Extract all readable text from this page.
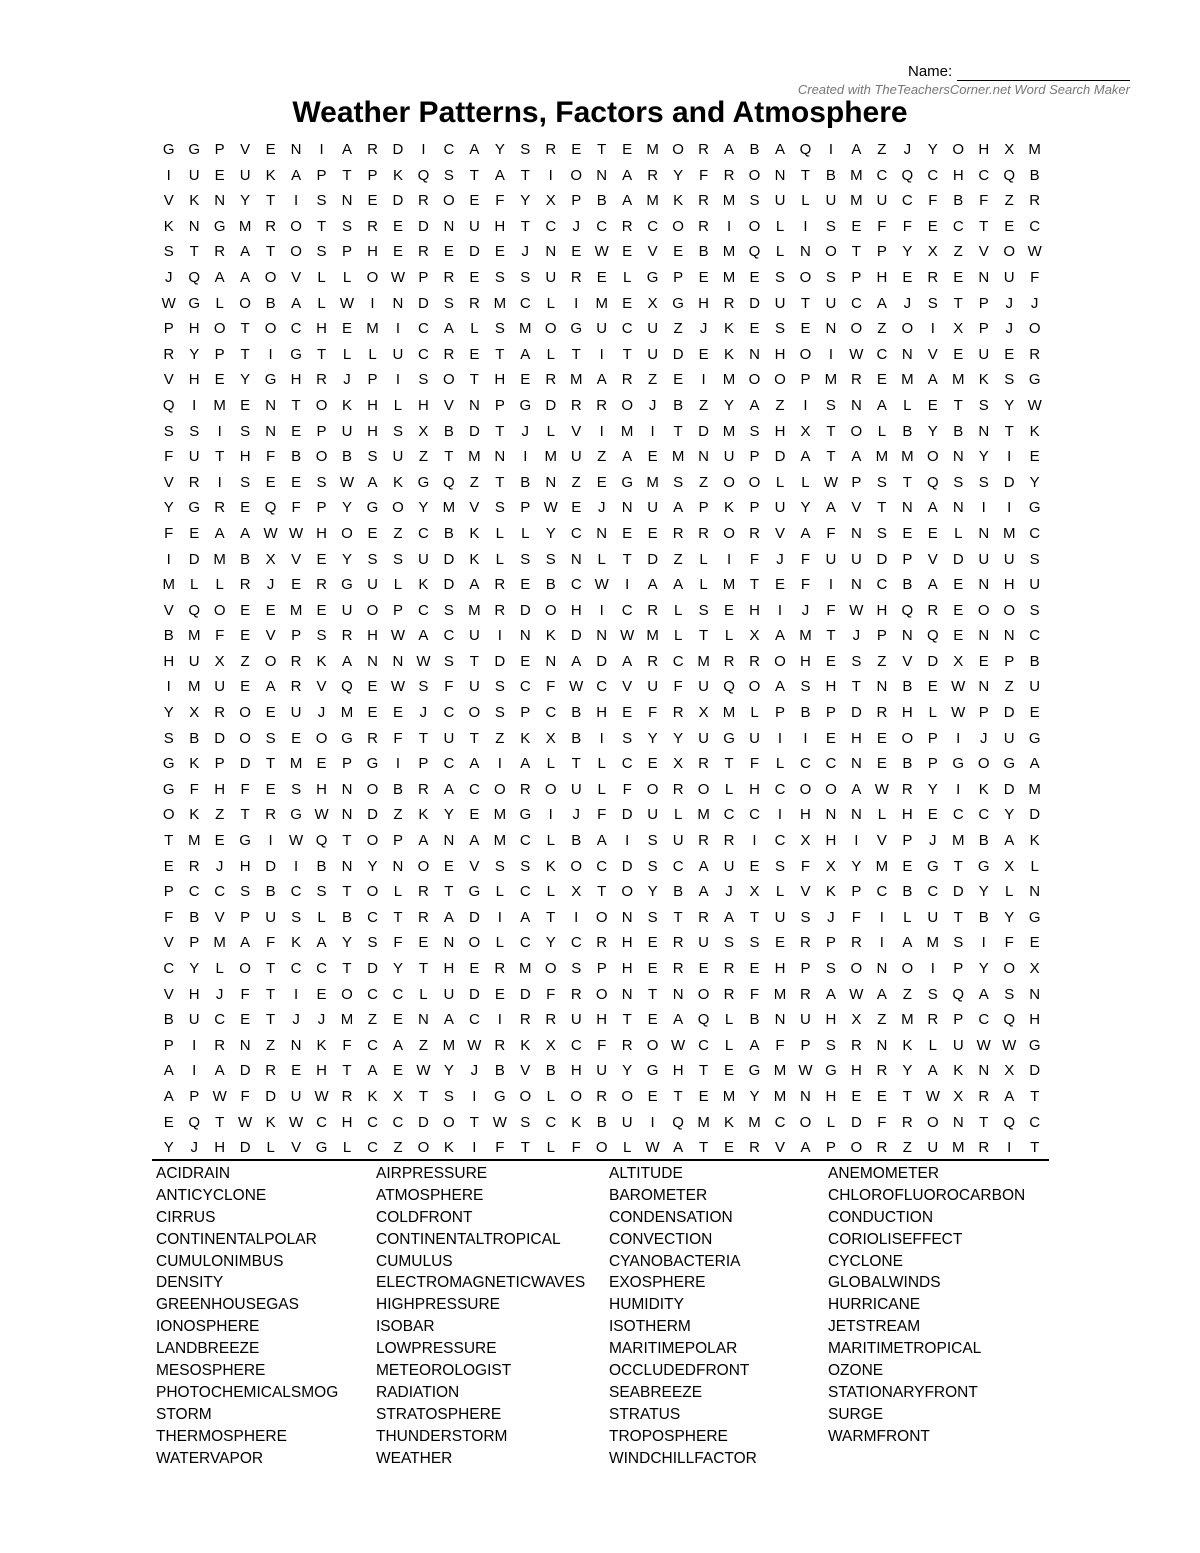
Name:
Created with TheTeachersCorner.net Word Search Maker
Weather Patterns, Factors and Atmosphere
G G P	V	E	N	I	A	R D	I	C	A	Y	S	R	E	T	E M O R	A	B	A Q	I	A	Z	J	Y O H	X M
I	U	E	U	K	A	P	T	P	K Q S	T	A	T	I	O N	A	R	Y	F	R O N	T	B M C Q C H C Q B
V	K	N	Y	T	I	S	N	E	D R O E	F	Y	X	P	B	A M K	R M S	U	L	U M U C	F	B	F	Z	R
K	N G M R O	T	S	R	E	D N U H	T	C	J	C R C O R	I	O	L	I	S	E	F	F	E	C	T	E	C
S	T	R	A	T	O S	P	H	E	R	E	D	E	J	N	E W E	V	E	B M Q	L	N O	T	P	Y	X	Z	V O W
J	Q A	A O V	L	L	O W P	R	E	S	S	U R	E	L	G P	E M E	S O S	P	H	E	R	E	N U	F
W G	L	O B	A	L W	I	N D	S	R M C	L	I	M E	X G H R D U	T	U C	A	J	S	T	P	J	J
P	H O	T	O C H	E M	I	C	A	L	S M O G U C U	Z	J	K	E	S	E	N O	Z	O	I	X	P	J	O
R	Y	P	T	I	G	T	L	L	U C R	E	T	A	L	T	I	T	U D	E	K	N H O	I	W C N	V	E	U	E	R
V	H	E	Y G H R	J	P	I	S O	T	H	E	R M A	R	Z	E	I	M O O P M R	E M A M K	S G
Q	I	M E	N	T	O K	H	L	H	V	N	P G D R R O	J	B	Z	Y	A	Z	I	S	N	A	L	E	T	S	Y W
S	S	I	S	N	E	P	U H	S	X	B	D	T	J	L	V	I	M	I	T	D M S	H	X	T	O	L	B	Y	B	N	T	K
F	U	T	H	F	B O B	S	U	Z	T M N	I	M U	Z	A	E M N U	P	D	A	T	A M M O N	Y	I	E
V	R	I	S	E	E	S W A	K G Q	Z	T	B	N	Z	E G M S	Z	O O	L	L W P	S	T	Q S	S	D	Y
Y G R	E Q	F	P	Y G O Y M V	S	P W E	J	N U	A	P	K	P	U	Y	A	V	T	N	A	N	I	I	G
F	E	A	A W W H O E	Z	C	B	K	L	L	Y	C N	E	E	R R O R	V	A	F	N	S	E	E	L	N M C
I	D M B	X	V	E	Y	S	S	U D	K	L	S	S	N	L	T	D	Z	L	I	F	J	F	U U D	P	V	D U U	S
M	L	L	R	J	E	R G U	L	K	D	A	R	E	B	C W	I	A	A	L	M T	E	F	I	N C	B	A	E	N H U
V Q O E	E M E	U O P	C	S M R D O H	I	C R	L	S	E	H	I	J	F W H Q R	E O O S
B M F	E	V	P	S	R H W A	C U	I	N	K	D N W M	L	T	L	X	A M T	J	P	N Q E	N N C
H U	X	Z	O R	K	A	N N W S	T	D	E	N	A	D	A	R C M R R O H	E	S	Z	V	D	X	E	P	B
I	M U	E	A	R	V Q E W S	F	U	S	C	F W C	V	U	F	U Q O A	S	H	T	N	B	E W N	Z	U
Y	X	R O E	U	J	M E	E	J	C O S	P	C	B	H	E	F	R	X M	L	P	B	P	D R H	L W P	D	E
S	B	D O S	E O G R	F	T	U	T	Z	K	X	B	I	S	Y	Y	U G U	I	I	E	H	E O P	I	J	U G
G K	P	D	T M E	P G	I	P	C	A	I	A	L	T	L	C	E	X	R	T	F	L	C C N	E	B	P G O G A
G	F	H	F	E	S	H N O B	R	A	C O R O U	L	F	O R O	L	H C O O A W R	Y	I	K	D M
O K	Z	T	R G W N D	Z	K	Y	E M G	I	J	F	D U	L	M C C	I	H N N	L	H	E	C C	Y	D
T M E G	I	W Q	T	O P	A	N	A M C	L	B	A	I	S	U R R	I	C	X	H	I	V	P	J	M B	A	K
E	R	J	H D	I	B	N	Y	N O E	V	S	S	K O C D	S	C	A	U	E	S	F	X	Y M E G	T	G X	L
P	C C	S	B	C	S	T	O	L	R	T	G	L	C	L	X	T	O Y	B	A	J	X	L	V	K	P	C	B	C D	Y	L	N
F	B	V	P	U	S	L	B	C	T	R	A	D	I	A	T	I	O N	S	T	R	A	T	U	S	J	F	I	L	U	T	B	Y G
V	P M A	F	K	A	Y	S	F	E	N O	L	C	Y	C R H	E	R U	S	S	E	R	P	R	I	A M S	I	F	E
C	Y	L	O	T	C C	T	D	Y	T	H	E	R M O S	P	H	E	R	E	R	E	H	P	S O N O	I	P	Y O X
V	H	J	F	T	I	E O C C	L	U D	E	D	F	R O N	T	N O R	F M R	A W A	Z	S Q A	S	N
B	U C	E	T	J	J	M Z	E	N	A	C	I	R R U H	T	E	A Q	L	B	N U H	X	Z M R	P	C Q H
P	I	R N	Z	N	K	F	C	A	Z M W R	K	X	C	F	R O W C	L	A	F	P	S	R N	K	L	U W W G
A	I	A	D R	E	H	T	A	E W Y	J	B	V	B	H U	Y G H	T	E G M W G H R	Y	A	K	N	X	D
A	P W F	D U W R	K	X	T	S	I	G O	L	O R O E	T	E M Y M N H	E	E	T W X	R	A	T
E Q	T W K W C H C C D O	T W S	C	K	B	U	I	Q M K M C O	L	D	F	R O N	T	Q C
Y	J	H D	L	V G	L	C	Z	O K	I	F	T	L	F	O	L W A	T	E	R	V	A	P O R	Z	U M R	I	T
ACIDRAIN	AIRPRESSURE	ALTITUDE	ANEMOMETER
ANTICYCLONE	ATMOSPHERE	BAROMETER	CHLOROFLUOROCARBON
CIRRUS	COLDFRONT	CONDENSATION	CONDUCTION
CONTINENTALPOLAR	CONTINENTALTROPICAL	CONVECTION	CORIOLISEFFECT
CUMULONIMBUS	CUMULUS	CYANOBACTERIA	CYCLONE
DENSITY	ELECTROMAGNETICWAVES	EXOSPHERE	GLOBALWINDS
GREENHOUSEGAS	HIGHPRESSURE	HUMIDITY	HURRICANE
IONOSPHERE	ISOBAR	ISOTHERM	JETSTREAM
LANDBREEZE	LOWPRESSURE	MARITIMEPOLAR	MARITIMETROPICAL
MESOSPHERE	METEOROLOGIST	OCCLUDEDFRONT	OZONE
PHOTOCHEMICALSMOG	RADIATION	SEABREEZE	STATIONARYFRONT
STORM	STRATOSPHERE	STRATUS	SURGE
THERMOSPHERE	THUNDERSTORM	TROPOSPHERE	WARMFRONT
WATERVAPOR	WEATHER	WINDCHILLFACTOR
